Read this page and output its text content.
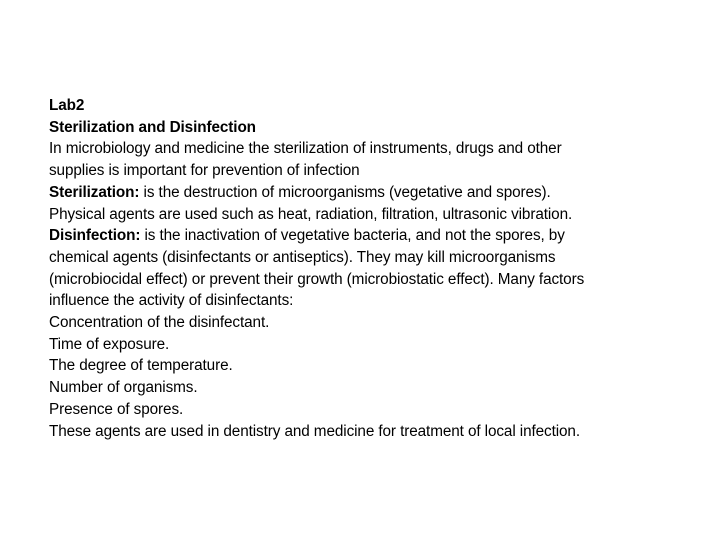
Lab2
Sterilization and Disinfection
In microbiology and medicine the sterilization of instruments, drugs and other supplies is important for prevention of infection
Sterilization: is the destruction of microorganisms (vegetative and spores). Physical agents are used such as heat, radiation, filtration, ultrasonic vibration.
Disinfection: is the inactivation of vegetative bacteria, and not the spores, by chemical agents (disinfectants or antiseptics). They may kill microorganisms (microbiocidal effect) or prevent their growth (microbiostatic effect). Many factors influence the activity of disinfectants:
Concentration of the disinfectant.
Time of exposure.
The degree of temperature.
Number of organisms.
Presence of spores.
These agents are used in dentistry and medicine for treatment of local infection.
